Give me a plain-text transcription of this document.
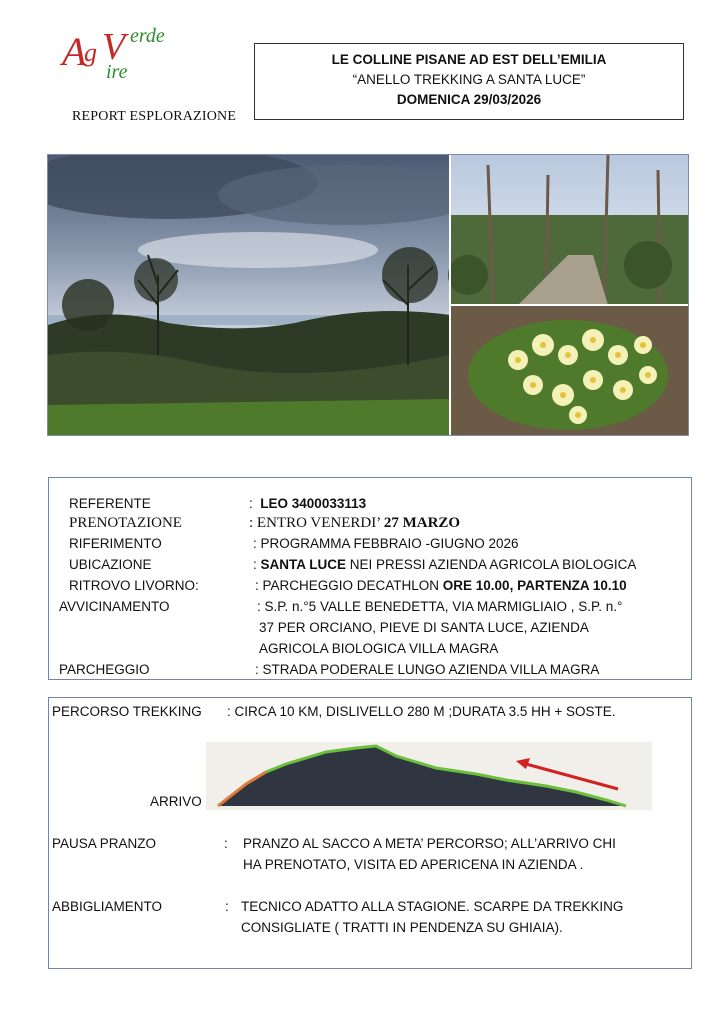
A
g V erde
ire
REPORT ESPLORAZIONE
LE COLLINE PISANE AD EST DELL’EMILIA
“ANELLO TREKKING A SANTA LUCE”
DOMENICA 29/03/2026
REFERENTE	: LEO 3400033113
PRENOTAZIONE	: ENTRO VENERDI’ 27 MARZO
RIFERIMENTO	: PROGRAMMA FEBBRAIO -GIUGNO 2026
UBICAZIONE	: SANTA LUCE NEI PRESSI AZIENDA AGRICOLA BIOLOGICA
RITROVO LIVORNO:	: PARCHEGGIO DECATHLON ORE 10.00, PARTENZA 10.10
AVVICINAMENTO	: S.P. n.°5 VALLE BENEDETTA, VIA MARMIGLIAIO , S.P. n.°
37 PER ORCIANO, PIEVE DI SANTA LUCE, AZIENDA
AGRICOLA BIOLOGICA VILLA MAGRA
PARCHEGGIO	: STRADA PODERALE LUNGO AZIENDA VILLA MAGRA
PERCORSO TREKKING : CIRCA 10 KM, DISLIVELLO 280 M ;DURATA 3.5 HH + SOSTE.
ARRIVO
PAUSA PRANZO	: PRANZO AL SACCO A META’ PERCORSO; ALL’ARRIVO CHI
HA PRENOTATO, VISITA ED APERICENA IN AZIENDA .
ABBIGLIAMENTO	: TECNICO ADATTO ALLA STAGIONE. SCARPE DA TREKKING
CONSIGLIATE ( TRATTI IN PENDENZA SU GHIAIA).
